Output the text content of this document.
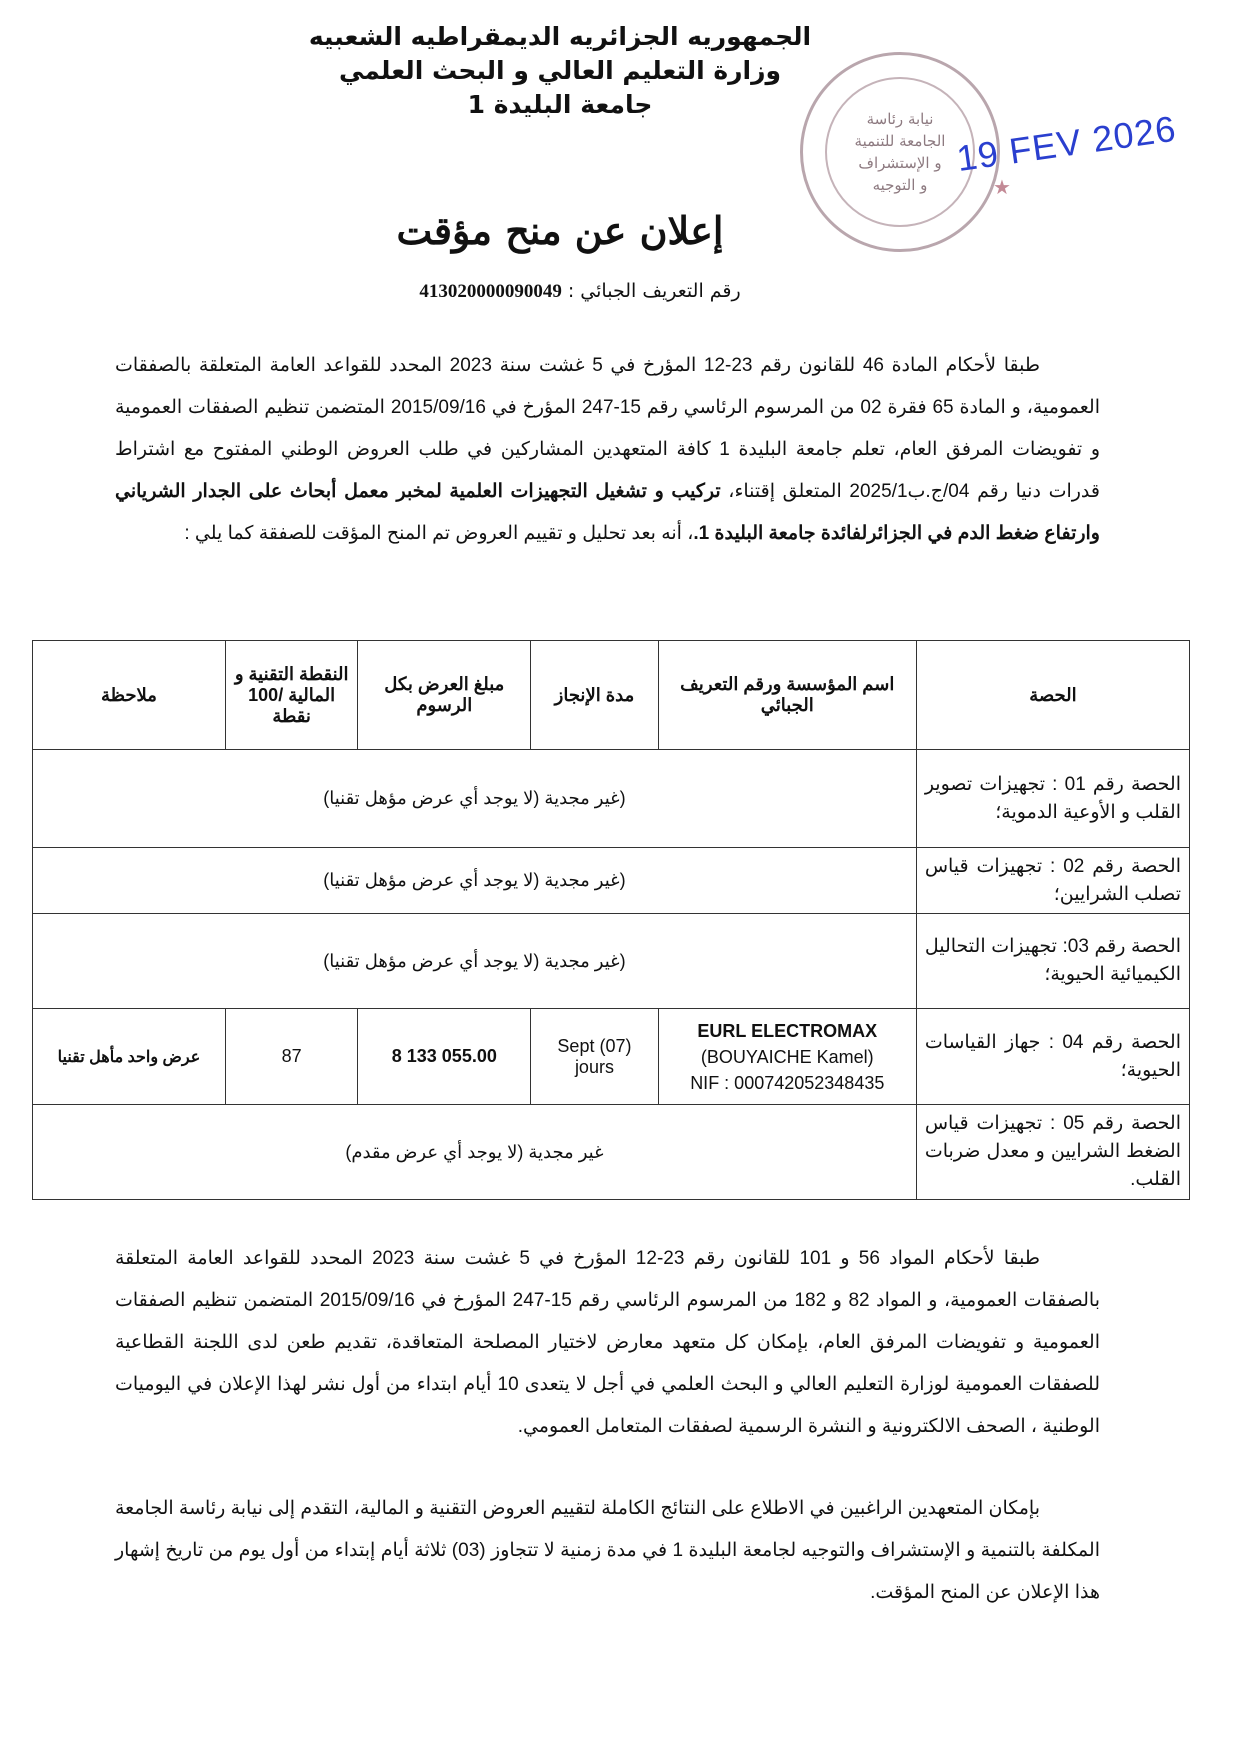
الجمهوريه الجزائريه الديمقراطيه الشعبيه
وزارة التعليم العالي و البحث العلمي
جامعة البليدة 1	نيابة رئاسة
الجامعة للتنمية
و الإستشراف
و التوجيه	★
19 FEV 2026
إعلان عن منح مؤقت
رقم التعريف الجبائي : 413020000090049
طبقا لأحكام المادة 46 للقانون رقم 23-12 المؤرخ في 5 غشت سنة 2023 المحدد للقواعد العامة المتعلقة بالصفقات العمومية، و المادة 65 فقرة 02 من المرسوم الرئاسي رقم 15-247 المؤرخ في 2015/09/16 المتضمن تنظيم الصفقات العمومية و تفويضات المرفق العام، تعلم جامعة البليدة 1 كافة المتعهدين المشاركين في طلب العروض الوطني المفتوح مع اشتراط قدرات دنيا رقم 04/ج.ب2025/1 المتعلق إقتناء، تركيب و تشغيل التجهيزات العلمية لمخبر معمل أبحاث على الجدار الشرياني وارتفاع ضغط الدم في الجزائرلفائدة جامعة البليدة 1.، أنه بعد تحليل و تقييم العروض تم المنح المؤقت للصفقة كما يلي :
الحصة	اسم المؤسسة ورقم التعريف الجبائي	مدة الإنجاز	مبلغ العرض بكل الرسوم	النقطة التقنية و المالية /100 نقطة	ملاحظة
الحصة رقم 01 : تجهيزات تصوير القلب و الأوعية الدموية؛	(غير مجدية (لا يوجد أي عرض مؤهل تقنيا)				
الحصة رقم 02 : تجهيزات قياس تصلب الشرايين؛	(غير مجدية (لا يوجد أي عرض مؤهل تقنيا)				
الحصة رقم 03: تجهيزات التحاليل الكيميائية الحيوية؛	(غير مجدية (لا يوجد أي عرض مؤهل تقنيا)				
الحصة رقم 04 : جهاز القياسات الحيوية؛	EURL ELECTROMAX
(BOUYAICHE Kamel)
NIF : 000742052348435	Sept (07) jours	8 133 055.00	87	عرض واحد مأهل تقنيا
الحصة رقم 05 : تجهيزات قياس الضغط الشرايين و معدل ضربات القلب.	غير مجدية (لا يوجد أي عرض مقدم)				
طبقا لأحكام المواد 56 و 101 للقانون رقم 23-12 المؤرخ في 5 غشت سنة 2023 المحدد للقواعد العامة المتعلقة بالصفقات العمومية، و المواد 82 و 182 من المرسوم الرئاسي رقم 15-247 المؤرخ في 2015/09/16 المتضمن تنظيم الصفقات العمومية و تفويضات المرفق العام، بإمكان كل متعهد معارض لاختيار المصلحة المتعاقدة، تقديم طعن لدى اللجنة القطاعية للصفقات العمومية لوزارة التعليم العالي و البحث العلمي في أجل لا يتعدى 10 أيام ابتداء من أول نشر لهذا الإعلان في اليوميات الوطنية ، الصحف الالكترونية و النشرة الرسمية لصفقات المتعامل العمومي.
بإمكان المتعهدين الراغبين في الاطلاع على النتائج الكاملة لتقييم العروض التقنية و المالية، التقدم إلى نيابة رئاسة الجامعة المكلفة بالتنمية و الإستشراف والتوجيه لجامعة البليدة 1 في مدة زمنية لا تتجاوز (03) ثلاثة أيام إبتداء من أول يوم من تاريخ إشهار هذا الإعلان عن المنح المؤقت.
